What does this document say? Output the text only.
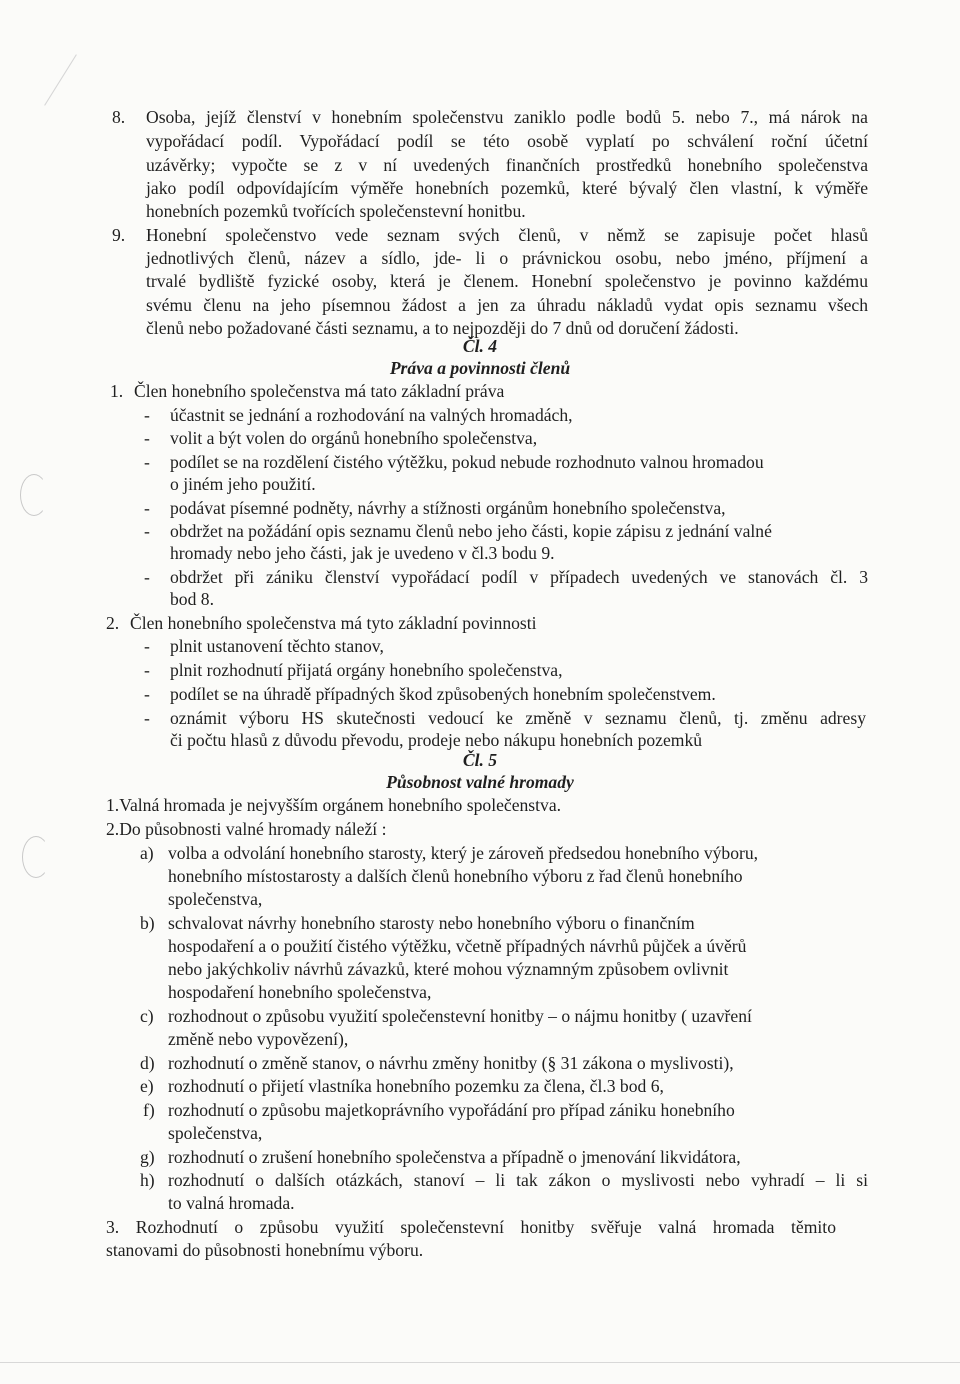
8. Osoba, jejíž členství v honebním společenstvu zaniklo podle bodů 5. nebo 7., má nárok na
vypořádací podíl. Vypořádací podíl se této osobě vyplatí po schválení roční účetní
uzávěrky; vypočte se z v ní uvedených finančních prostředků honebního společenstva
jako podíl odpovídajícím výměře honebních pozemků, které bývalý člen vlastní, k výměře
honebních pozemků tvořících společenstevní honitbu.
9. Honební společenstvo vede seznam svých členů, v němž se zapisuje počet hlasů
jednotlivých členů, název a sídlo, jde- li o právnickou osobu, nebo jméno, příjmení a
trvalé bydliště fyzické osoby, která je členem. Honební společenstvo je povinno každému
svému členu na jeho písemnou žádost a jen za úhradu nákladů vydat opis seznamu všech
členů nebo požadované části seznamu, a to nejpozději do 7 dnů od doručení žádosti.
Čl. 4
Práva a povinnosti členů
1. Člen honebního společenstva má tato základní práva
- účastnit se jednání a rozhodování na valných hromadách,
- volit a být volen do orgánů honebního společenstva,
- podílet se na rozdělení čistého výtěžku, pokud nebude rozhodnuto valnou hromadou
o jiném jeho použití.
- podávat písemné podněty, návrhy a stížnosti orgánům honebního společenstva,
- obdržet na požádání opis seznamu členů nebo jeho části, kopie zápisu z jednání valné
hromady nebo jeho části, jak je uvedeno v čl.3 bodu 9.
- obdržet při zániku členství vypořádací podíl v případech uvedených ve stanovách čl. 3
bod 8.
2. Člen honebního společenstva má tyto základní povinnosti
- plnit ustanovení těchto stanov,
- plnit rozhodnutí přijatá orgány honebního společenstva,
- podílet se na úhradě případných škod způsobených honebním společenstvem.
- oznámit výboru HS skutečnosti vedoucí ke změně v seznamu členů, tj. změnu adresy
či počtu hlasů z důvodu převodu, prodeje nebo nákupu honebních pozemků
Čl. 5
Působnost valné hromady
1.Valná hromada je nejvyšším orgánem honebního společenstva.
2.Do působnosti valné hromady náleží :
a) volba a odvolání honebního starosty, který je zároveň předsedou honebního výboru,
honebního místostarosty a dalších členů honebního výboru z řad členů honebního
společenstva,
b) schvalovat návrhy honebního starosty nebo honebního výboru o finančním
hospodaření a o použití čistého výtěžku, včetně případných návrhů půjček a úvěrů
nebo jakýchkoliv návrhů závazků, které mohou významným způsobem ovlivnit
hospodaření honebního společenstva,
c) rozhodnout o způsobu využití společenstevní honitby – o nájmu honitby ( uzavření
změně nebo vypovězení),
d) rozhodnutí o změně stanov, o návrhu změny honitby (§ 31 zákona o myslivosti),
e) rozhodnutí o přijetí vlastníka honebního pozemku za člena, čl.3 bod 6,
f) rozhodnutí o způsobu majetkoprávního vypořádání pro případ zániku honebního
společenstva,
g) rozhodnutí o zrušení honebního společenstva a případně o jmenování likvidátora,
h) rozhodnutí o dalších otázkách, stanoví – li tak zákon o myslivosti nebo vyhradí – li si
to valná hromada.
3. Rozhodnutí o způsobu využití společenstevní honitby svěřuje valná hromada těmito
stanovami do působnosti honebnímu výboru.
